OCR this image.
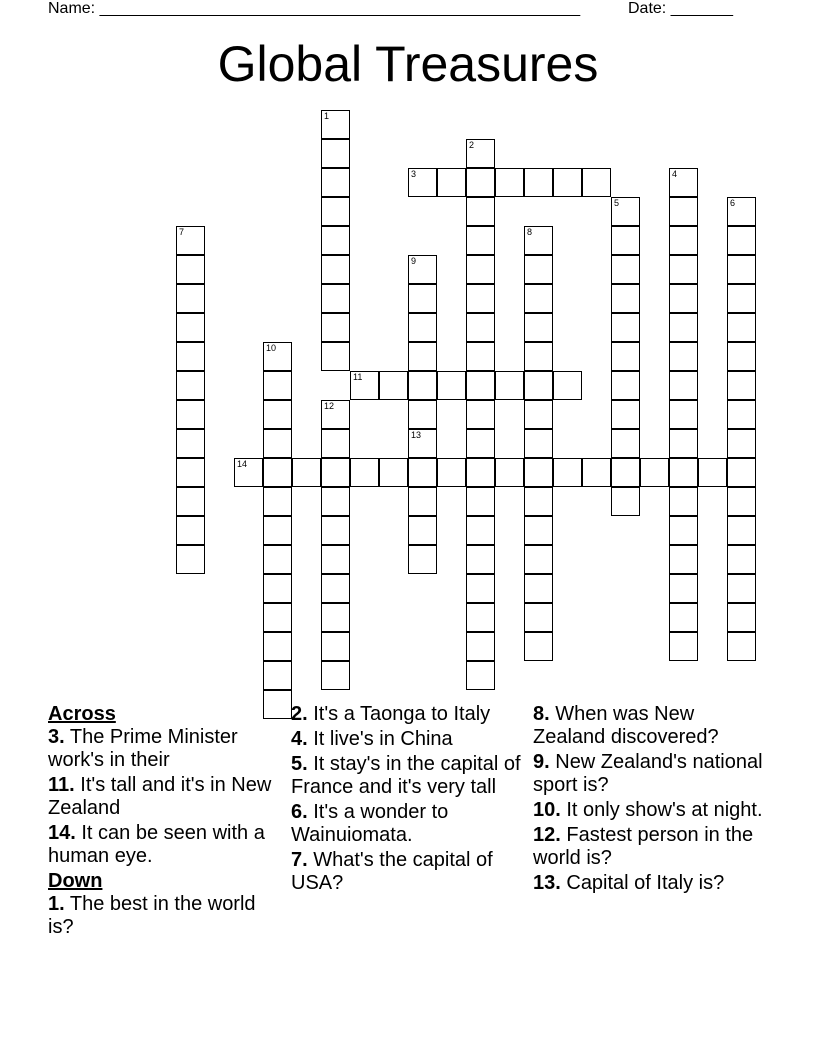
Name: ______________________________________________________	Date: _______
Global Treasures
1
2
3	4
5	6
7	8
9
10
11
12
13
14
Across
3. The Prime Minister work's in their
11. It's tall and it's in New Zealand
14. It can be seen with a human eye.
Down
1. The best in the world is?
2. It's a Taonga to Italy
4. It live's in China
5. It stay's in the capital of France and it's very tall
6. It's a wonder to Wainuiomata.
7. What's the capital of USA?
8. When was New Zealand discovered?
9. New Zealand's national sport is?
10. It only show's at night.
12. Fastest person in the world is?
13. Capital of Italy is?
